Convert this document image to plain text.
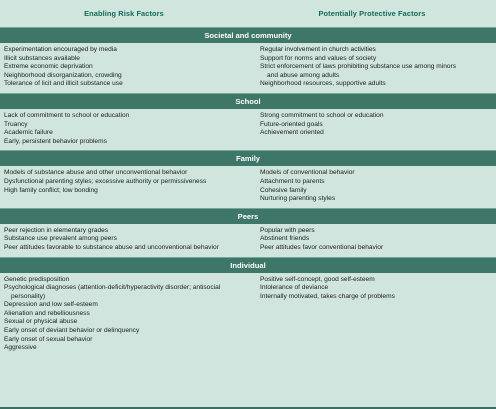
Enabling Risk Factors	Potentially Protective Factors
Societal and community
Experimentation encouraged by media
Illicit substances available
Extreme economic deprivation
Neighborhood disorganization, crowding
Tolerance of licit and illicit substance use
Regular involvement in church activities
Support for norms and values of society
Strict enforcement of laws prohibiting substance use among minors
and abuse among adults
Neighborhood resources, supportive adults
School
Lack of commitment to school or education
Truancy
Academic failure
Early, persistent behavior problems
Strong commitment to school or education
Future-oriented goals
Achievement oriented
Family
Models of substance abuse and other unconventional behavior
Dysfunctional parenting styles; excessive authority or permissiveness
High family conflict; low bonding
Models of conventional behavior
Attachment to parents
Cohesive family
Nurturing parenting styles
Peers
Peer rejection in elementary grades
Substance use prevalent among peers
Peer attitudes favorable to substance abuse and unconventional behavior
Popular with peers
Abstinent friends
Peer attitudes favor conventional behavior
Individual
Genetic predisposition
Psychological diagnoses (attention-deficit/hyperactivity disorder; antisocial
personality)
Depression and low self-esteem
Alienation and rebelliousness
Sexual or physical abuse
Early onset of deviant behavior or delinquency
Early onset of sexual behavior
Aggressive
Positive self-concept, good self-esteem
Intolerance of deviance
Internally motivated, takes charge of problems
